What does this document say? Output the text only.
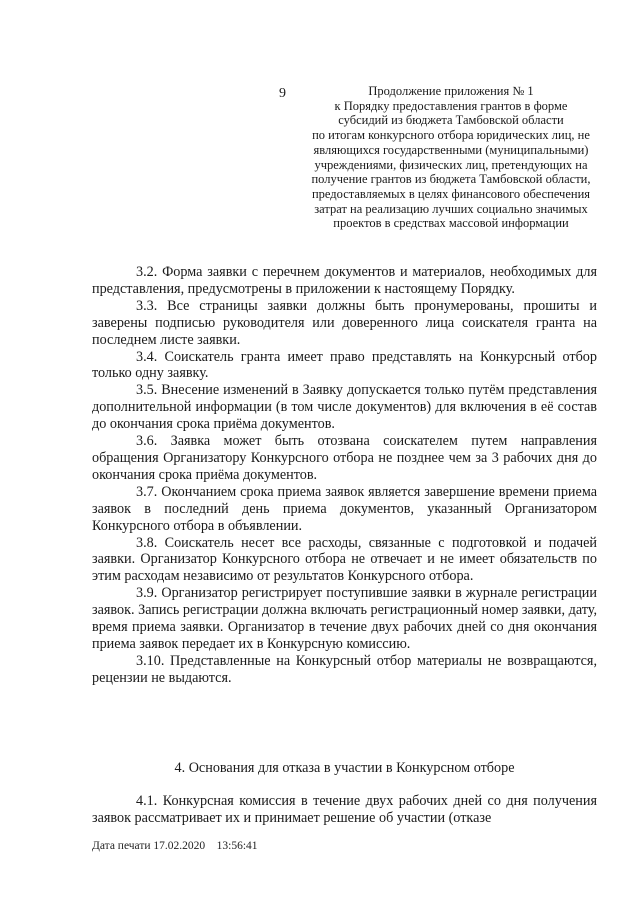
9	Продолжение приложения № 1
к Порядку предоставления грантов в форме
субсидий из бюджета Тамбовской области
по итогам конкурсного отбора юридических лиц, не
являющихся государственными (муниципальными)
учреждениями, физических лиц, претендующих на
получение грантов из бюджета Тамбовской области,
предоставляемых в целях финансового обеспечения
затрат на реализацию лучших социально значимых
проектов в средствах массовой информации

3.2. Форма заявки с перечнем документов и материалов, необходимых для представления, предусмотрены в приложении к настоящему Порядку.

3.3. Все страницы заявки должны быть пронумерованы, прошиты и заверены подписью руководителя или доверенного лица соискателя гранта на последнем листе заявки.

3.4. Соискатель гранта имеет право представлять на Конкурсный отбор только одну заявку.

3.5. Внесение изменений в Заявку допускается только путём представления дополнительной информации (в том числе документов) для включения в её состав до окончания срока приёма документов.

3.6. Заявка может быть отозвана соискателем путем направления обращения Организатору Конкурсного отбора не позднее чем за 3 рабочих дня до окончания срока приёма документов.

3.7. Окончанием срока приема заявок является завершение времени приема заявок в последний день приема документов, указанный Организатором Конкурсного отбора в объявлении.

3.8. Соискатель несет все расходы, связанные с подготовкой и подачей заявки. Организатор Конкурсного отбора не отвечает и не имеет обязательств по этим расходам независимо от результатов Конкурсного отбора.

3.9. Организатор регистрирует поступившие заявки в журнале регистрации заявок. Запись регистрации должна включать регистрационный номер заявки, дату, время приема заявки. Организатор в течение двух рабочих дней со дня окончания приема заявок передает их в Конкурсную комиссию.

3.10. Представленные на Конкурсный отбор материалы не возвращаются, рецензии не выдаются.

4. Основания для отказа в участии в Конкурсном отборе

4.1. Конкурсная комиссия в течение двух рабочих дней со дня получения заявок рассматривает их и принимает решение об участии (отказе

Дата печати 17.02.2020 13:56:41
